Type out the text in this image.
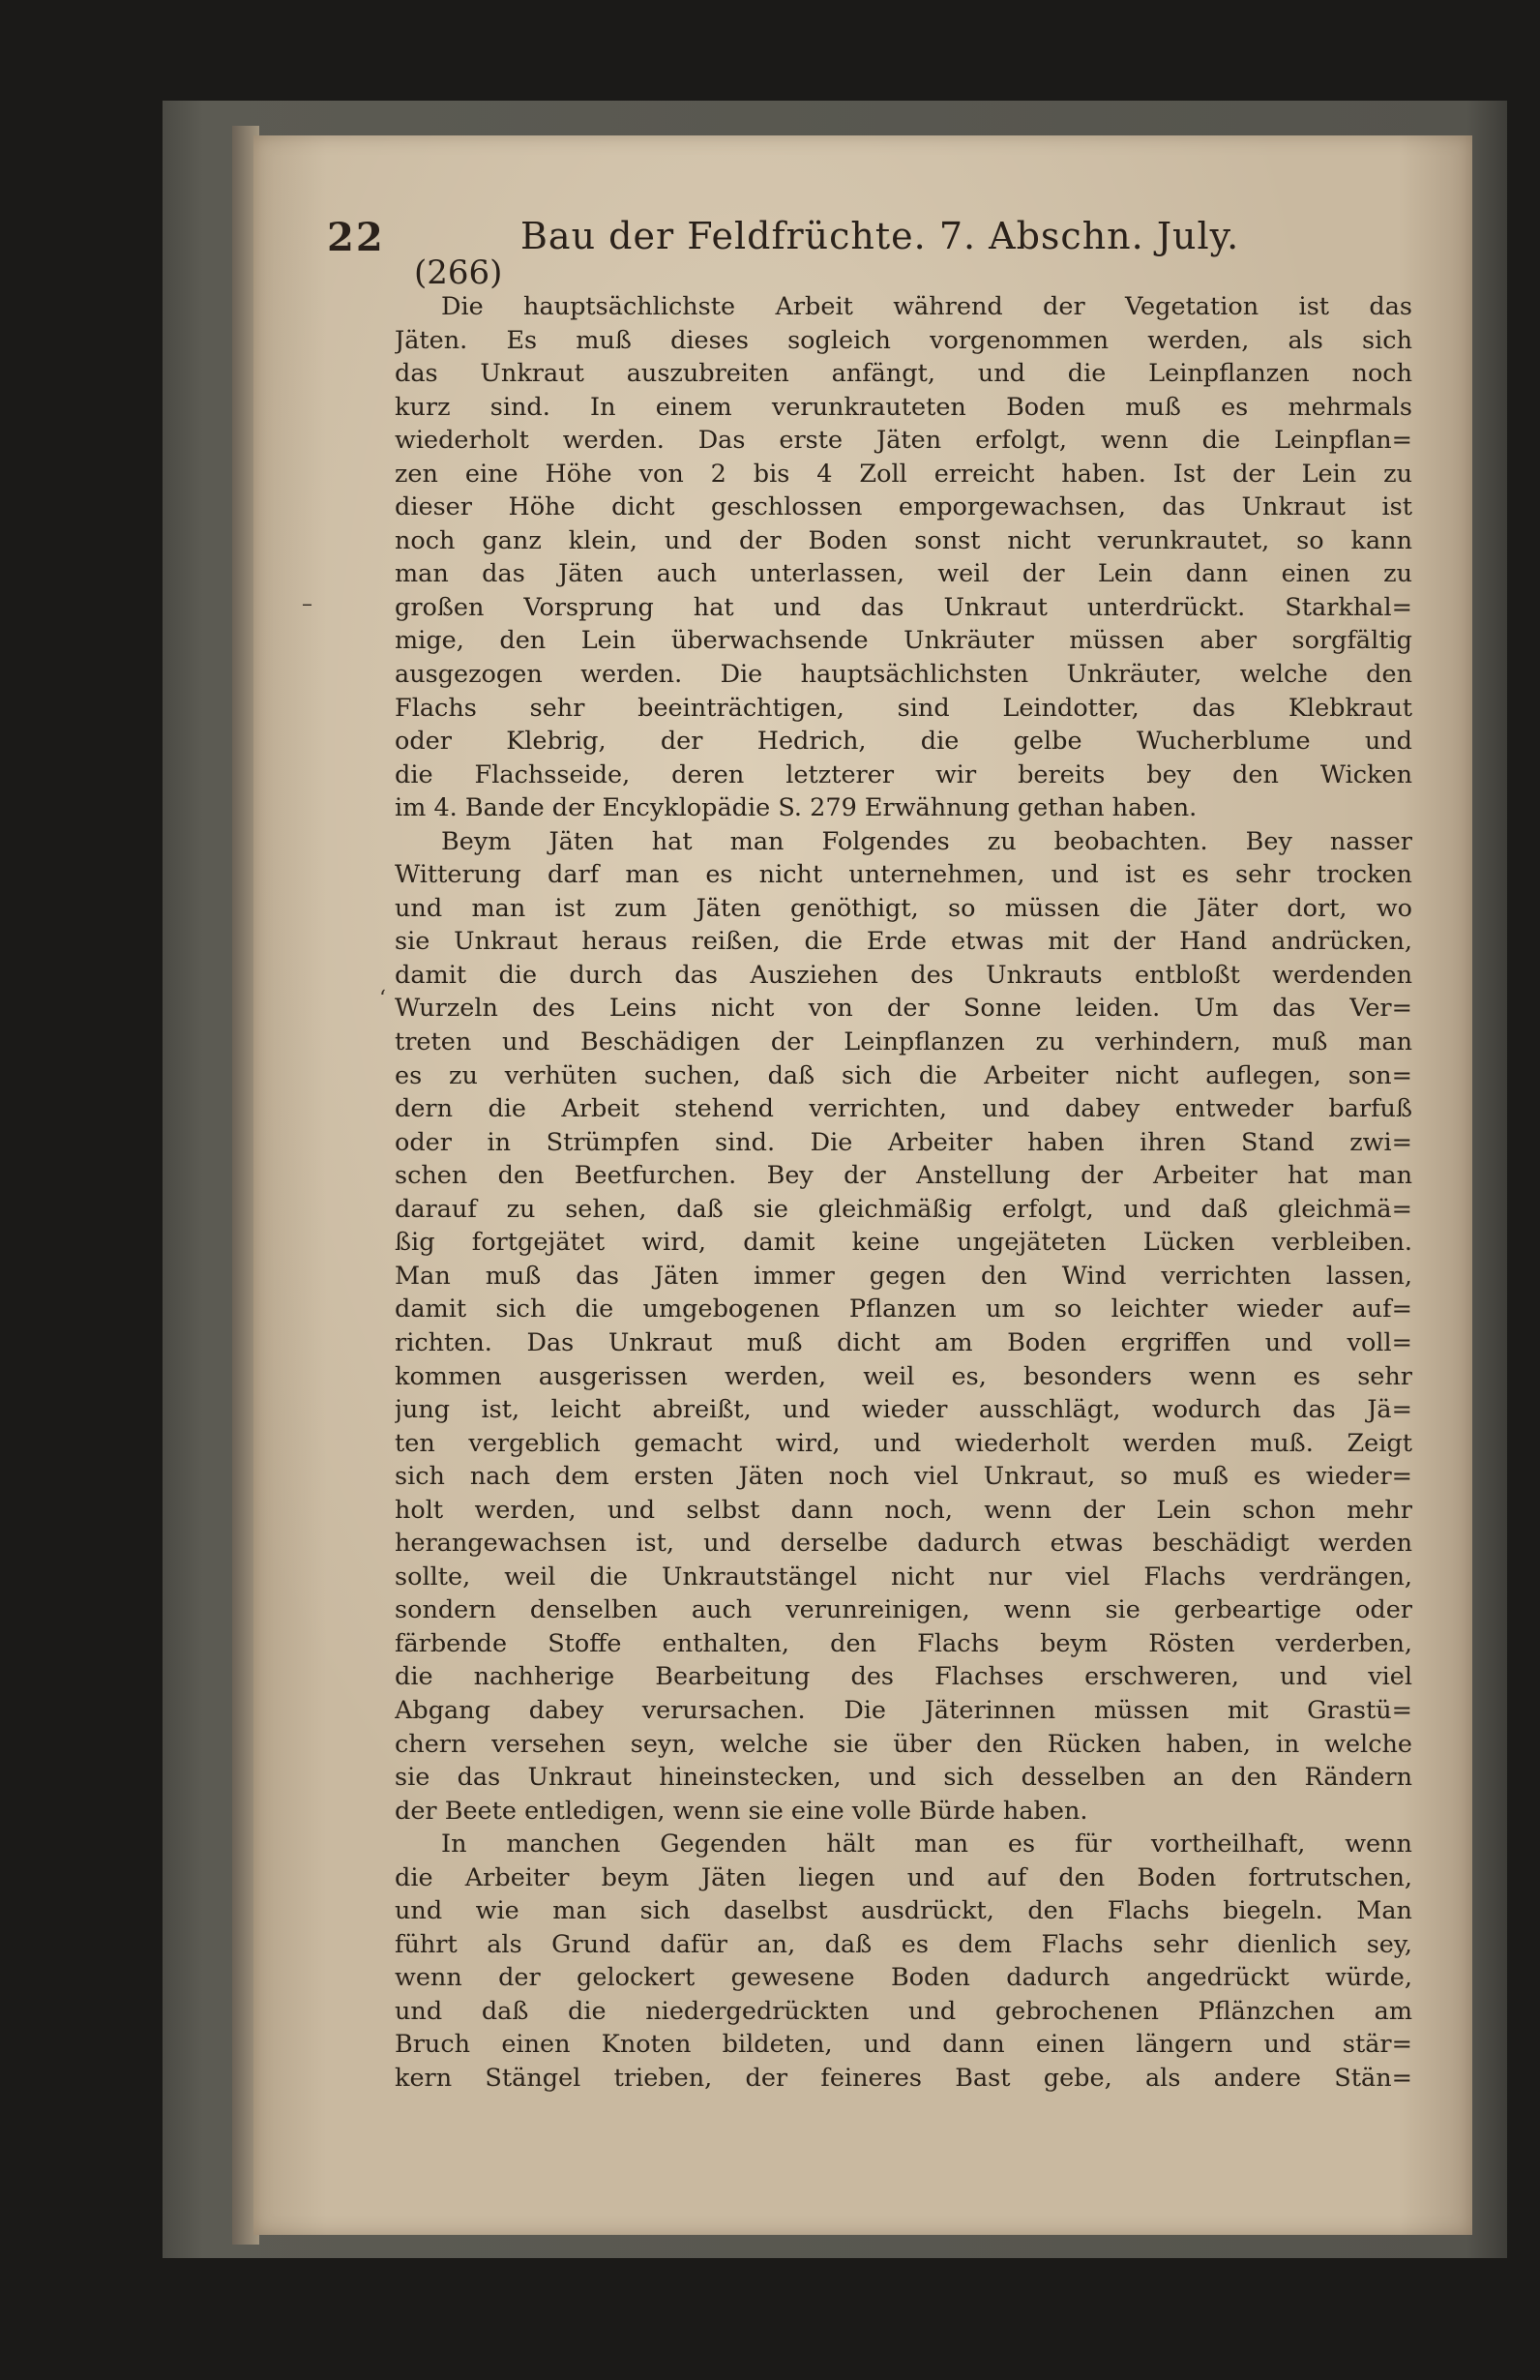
22	Bau der Feldfrüchte. 7. Abschn. July.
(266)
–
‘
Die hauptsächlichste Arbeit während der Vegetation ist das
Jäten. Es muß dieses sogleich vorgenommen werden, als sich
das Unkraut auszubreiten anfängt, und die Leinpflanzen noch
kurz sind. In einem verunkrauteten Boden muß es mehrmals
wiederholt werden. Das erste Jäten erfolgt, wenn die Leinpflan=
zen eine Höhe von 2 bis 4 Zoll erreicht haben. Ist der Lein zu
dieser Höhe dicht geschlossen emporgewachsen, das Unkraut ist
noch ganz klein, und der Boden sonst nicht verunkrautet, so kann
man das Jäten auch unterlassen, weil der Lein dann einen zu
großen Vorsprung hat und das Unkraut unterdrückt. Starkhal=
mige, den Lein überwachsende Unkräuter müssen aber sorgfältig
ausgezogen werden. Die hauptsächlichsten Unkräuter, welche den
Flachs sehr beeinträchtigen, sind Leindotter, das Klebkraut
oder Klebrig, der Hedrich, die gelbe Wucherblume und
die Flachsseide, deren letzterer wir bereits bey den Wicken
im 4. Bande der Encyklopädie S. 279 Erwähnung gethan haben.
Beym Jäten hat man Folgendes zu beobachten. Bey nasser
Witterung darf man es nicht unternehmen, und ist es sehr trocken
und man ist zum Jäten genöthigt, so müssen die Jäter dort, wo
sie Unkraut heraus reißen, die Erde etwas mit der Hand andrücken,
damit die durch das Ausziehen des Unkrauts entbloßt werdenden
Wurzeln des Leins nicht von der Sonne leiden. Um das Ver=
treten und Beschädigen der Leinpflanzen zu verhindern, muß man
es zu verhüten suchen, daß sich die Arbeiter nicht auflegen, son=
dern die Arbeit stehend verrichten, und dabey entweder barfuß
oder in Strümpfen sind. Die Arbeiter haben ihren Stand zwi=
schen den Beetfurchen. Bey der Anstellung der Arbeiter hat man
darauf zu sehen, daß sie gleichmäßig erfolgt, und daß gleichmä=
ßig fortgejätet wird, damit keine ungejäteten Lücken verbleiben.
Man muß das Jäten immer gegen den Wind verrichten lassen,
damit sich die umgebogenen Pflanzen um so leichter wieder auf=
richten. Das Unkraut muß dicht am Boden ergriffen und voll=
kommen ausgerissen werden, weil es, besonders wenn es sehr
jung ist, leicht abreißt, und wieder ausschlägt, wodurch das Jä=
ten vergeblich gemacht wird, und wiederholt werden muß. Zeigt
sich nach dem ersten Jäten noch viel Unkraut, so muß es wieder=
holt werden, und selbst dann noch, wenn der Lein schon mehr
herangewachsen ist, und derselbe dadurch etwas beschädigt werden
sollte, weil die Unkrautstängel nicht nur viel Flachs verdrängen,
sondern denselben auch verunreinigen, wenn sie gerbeartige oder
färbende Stoffe enthalten, den Flachs beym Rösten verderben,
die nachherige Bearbeitung des Flachses erschweren, und viel
Abgang dabey verursachen. Die Jäterinnen müssen mit Grastü=
chern versehen seyn, welche sie über den Rücken haben, in welche
sie das Unkraut hineinstecken, und sich desselben an den Rändern
der Beete entledigen, wenn sie eine volle Bürde haben.
In manchen Gegenden hält man es für vortheilhaft, wenn
die Arbeiter beym Jäten liegen und auf den Boden fortrutschen,
und wie man sich daselbst ausdrückt, den Flachs biegeln. Man
führt als Grund dafür an, daß es dem Flachs sehr dienlich sey,
wenn der gelockert gewesene Boden dadurch angedrückt würde,
und daß die niedergedrückten und gebrochenen Pflänzchen am
Bruch einen Knoten bildeten, und dann einen längern und stär=
kern Stängel trieben, der feineres Bast gebe, als andere Stän=
